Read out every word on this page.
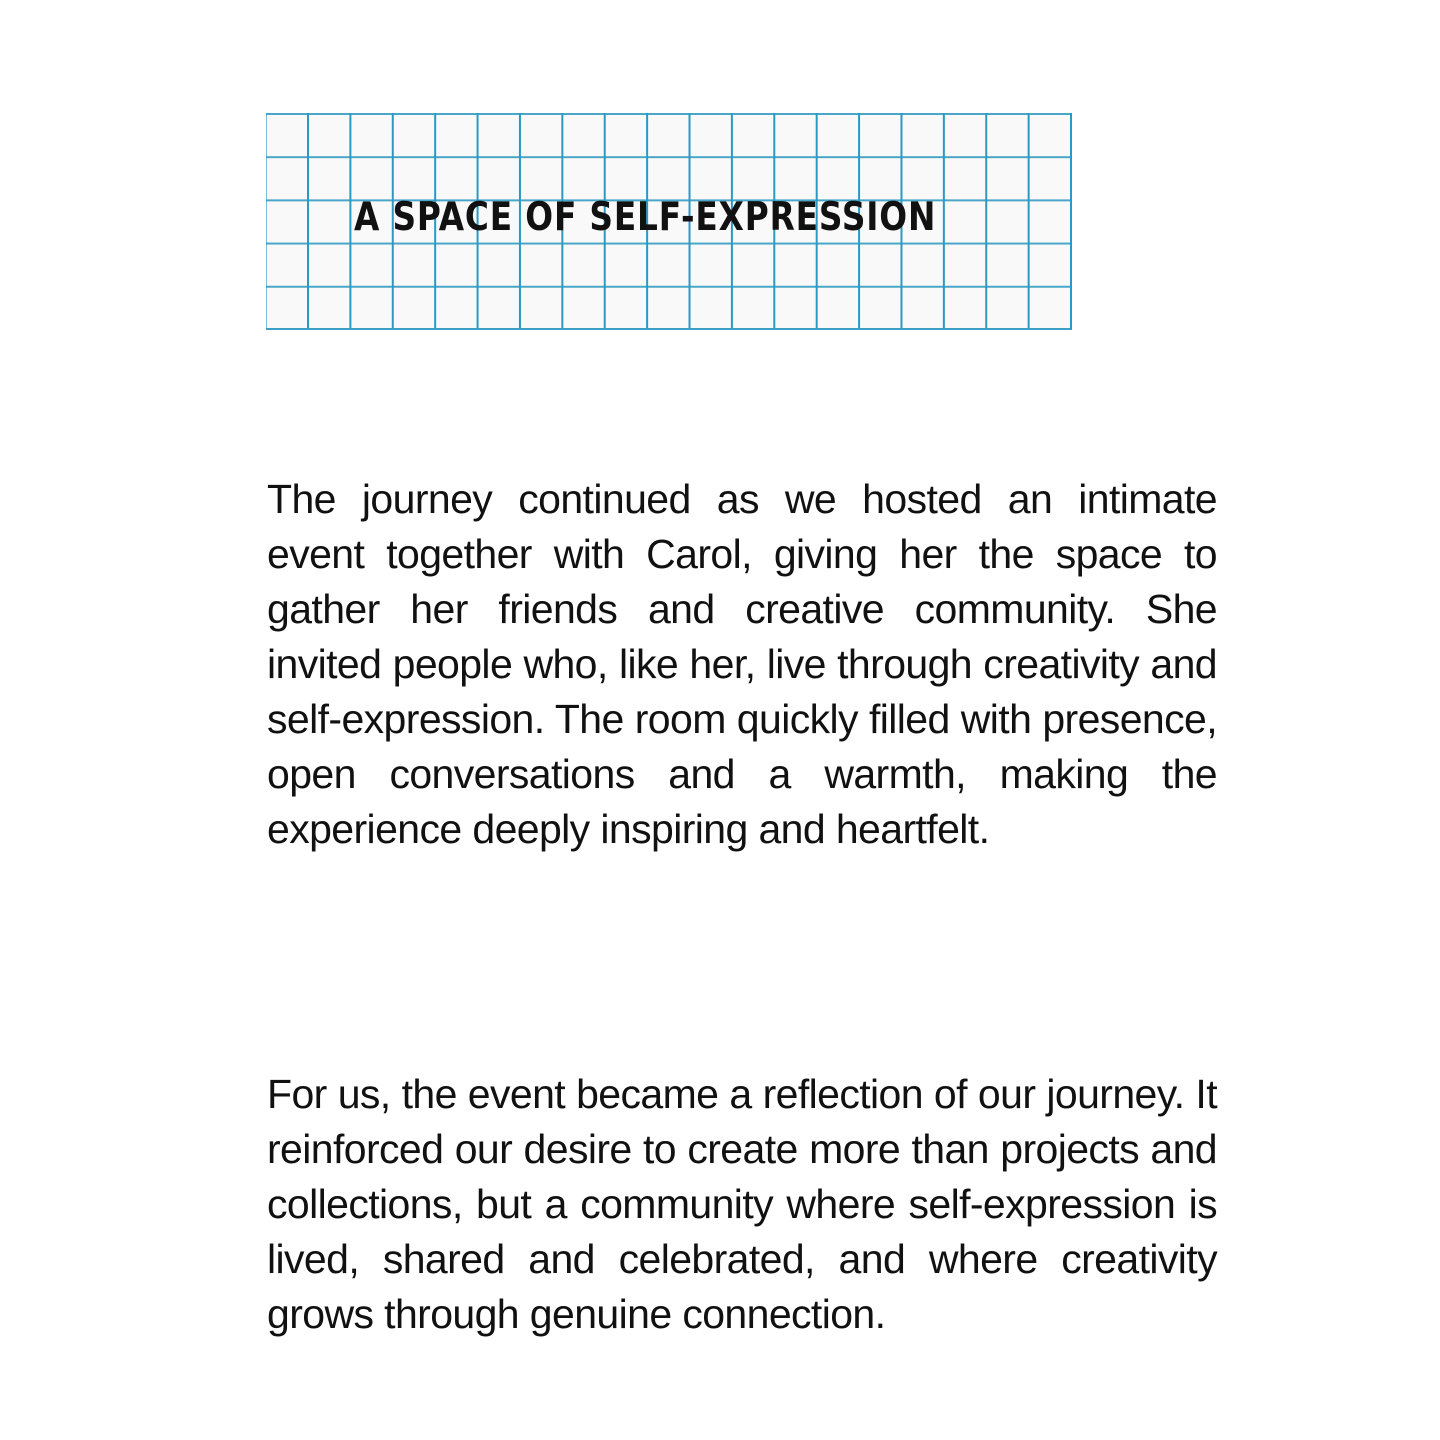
A SPACE OF SELF-EXPRESSION

The journey continued as we hosted an intimate event together with Carol, giving her the space to gather her friends and creative community. She invited people who, like her, live through creativity and self-expression. The room quickly filled with presence, open conversations and a warmth, making the experience deeply inspiring and heartfelt.

For us, the event became a reflection of our journey. It reinforced our desire to create more than projects and collections, but a community where self-expression is lived, shared and celebrated, and where creativity grows through genuine connection.
